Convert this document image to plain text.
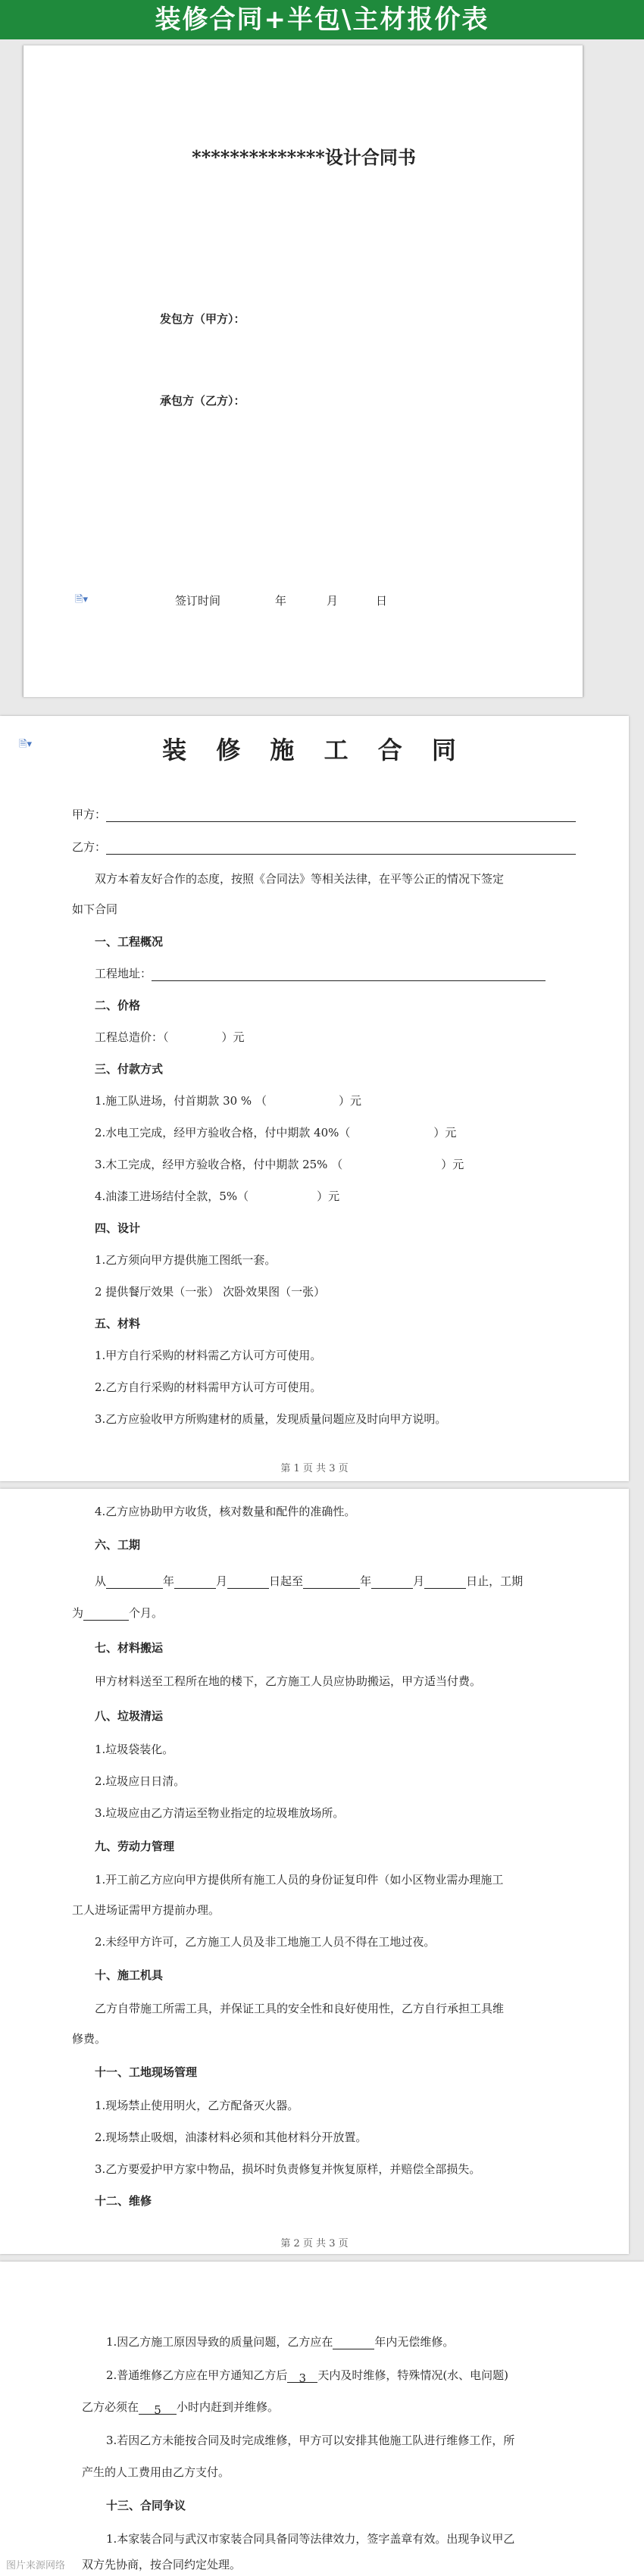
装修合同+半包\主材报价表
**************设计合同书
发包方（甲方）：
承包方（乙方）：
🗎▾	签订时间	年	月	日
🗎▾	装 修 施 工 合 同
甲方：
乙方：
双方本着友好合作的态度，按照《合同法》等相关法律，在平等公正的情况下签定
如下合同
一、工程概况
工程地址：
二、价格
工程总造价：（	）元
三、付款方式
1.施工队进场，付首期款 30 % （	）元
2.水电工完成，经甲方验收合格，付中期款 40%（	）元
3.木工完成，经甲方验收合格，付中期款 25% （	）元
4.油漆工进场结付全款，5%（	）元
四、设计
1.乙方须向甲方提供施工图纸一套。
2 提供餐厅效果（一张） 次卧效果图（一张）
五、材料
1.甲方自行采购的材料需乙方认可方可使用。
2.乙方自行采购的材料需甲方认可方可使用。
3.乙方应验收甲方所购建材的质量，发现质量问题应及时向甲方说明。
第 1 页 共 3 页
4.乙方应协助甲方收货，核对数量和配件的准确性。
六、工期
从	年	月	日起至	年	月	日止，工期
为	个月。
七、材料搬运
甲方材料送至工程所在地的楼下，乙方施工人员应协助搬运，甲方适当付费。
八、垃圾清运
1.垃圾袋装化。
2.垃圾应日日清。
3.垃圾应由乙方清运至物业指定的垃圾堆放场所。
九、劳动力管理
1.开工前乙方应向甲方提供所有施工人员的身份证复印件（如小区物业需办理施工
工人进场证需甲方提前办理。
2.未经甲方许可，乙方施工人员及非工地施工人员不得在工地过夜。
十、施工机具
乙方自带施工所需工具，并保证工具的安全性和良好使用性，乙方自行承担工具维
修费。
十一、工地现场管理
1.现场禁止使用明火，乙方配备灭火器。
2.现场禁止吸烟，油漆材料必须和其他材料分开放置。
3.乙方要爱护甲方家中物品，损坏时负责修复并恢复原样，并赔偿全部损失。
十二、维修
第 2 页 共 3 页
1.因乙方施工原因导致的质量问题，乙方应在	年内无偿维修。
2.普通维修乙方应在甲方通知乙方后 3 天内及时维修，特殊情况(水、电问题)
乙方必须在 5 小时内赶到并维修。
3.若因乙方未能按合同及时完成维修，甲方可以安排其他施工队进行维修工作，所
产生的人工费用由乙方支付。
十三、合同争议
1.本家装合同与武汉市家装合同具备同等法律效力，签字盖章有效。出现争议甲乙
双方先协商，按合同约定处理。
图片来源网络
